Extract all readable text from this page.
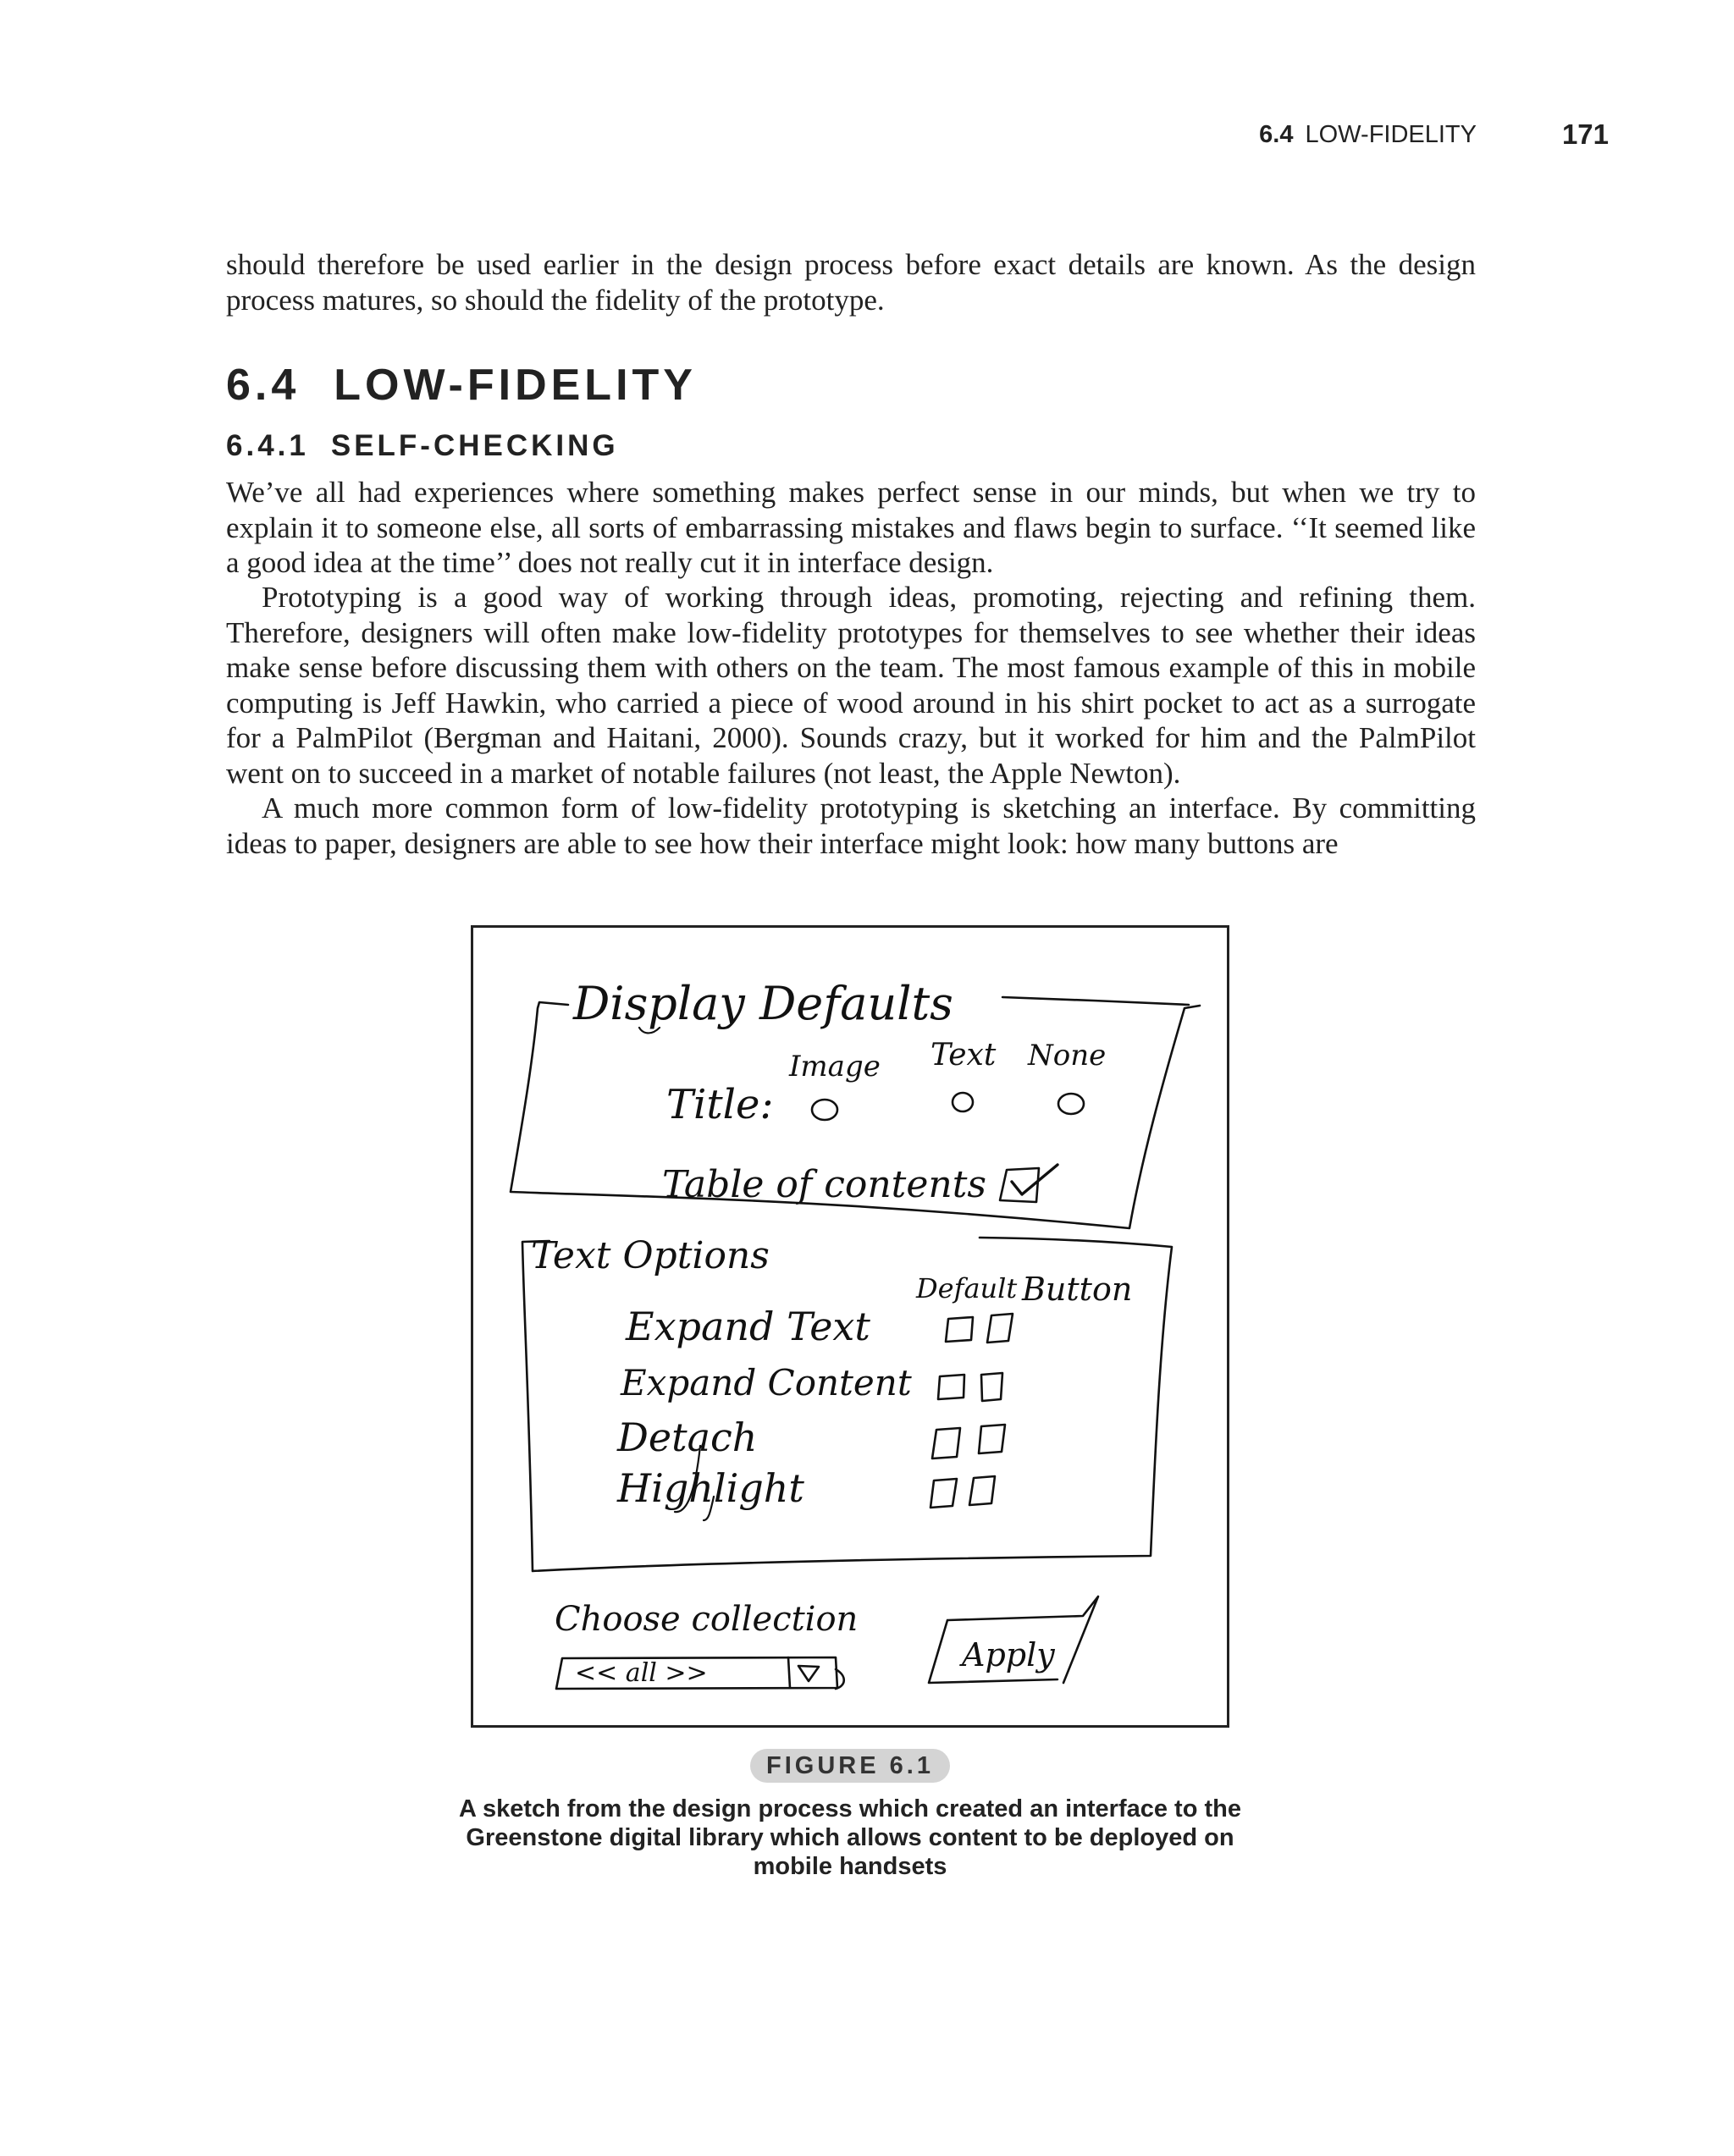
6.4 LOW-FIDELITY	171

should therefore be used earlier in the design process before exact details are known. As the design process matures, so should the fidelity of the prototype.

6.4 LOW-FIDELITY
6.4.1 SELF-CHECKING

We’ve all had experiences where something makes perfect sense in our minds, but when we try to explain it to someone else, all sorts of embarrassing mistakes and flaws begin to surface. ‘‘It seemed like a good idea at the time’’ does not really cut it in interface design.

Prototyping is a good way of working through ideas, promoting, rejecting and refining them. Therefore, designers will often make low-fidelity prototypes for themselves to see whether their ideas make sense before discussing them with others on the team. The most famous example of this in mobile computing is Jeff Hawkin, who carried a piece of wood around in his shirt pocket to act as a surrogate for a PalmPilot (Bergman and Haitani, 2000). Sounds crazy, but it worked for him and the PalmPilot went on to succeed in a market of notable failures (not least, the Apple Newton).

A much more common form of low-fidelity prototyping is sketching an interface. By committing ideas to paper, designers are able to see how their interface might look: how many buttons are

Display Defaults
Title:
Image Text None
Table of contents
Text Options
Default Button
Expand Text
Expand Content
Detach
Highlight
Choose collection
<< all >>	Apply
FIGURE 6.1

A sketch from the design process which created an interface to the Greenstone digital library which allows content to be deployed on mobile handsets
